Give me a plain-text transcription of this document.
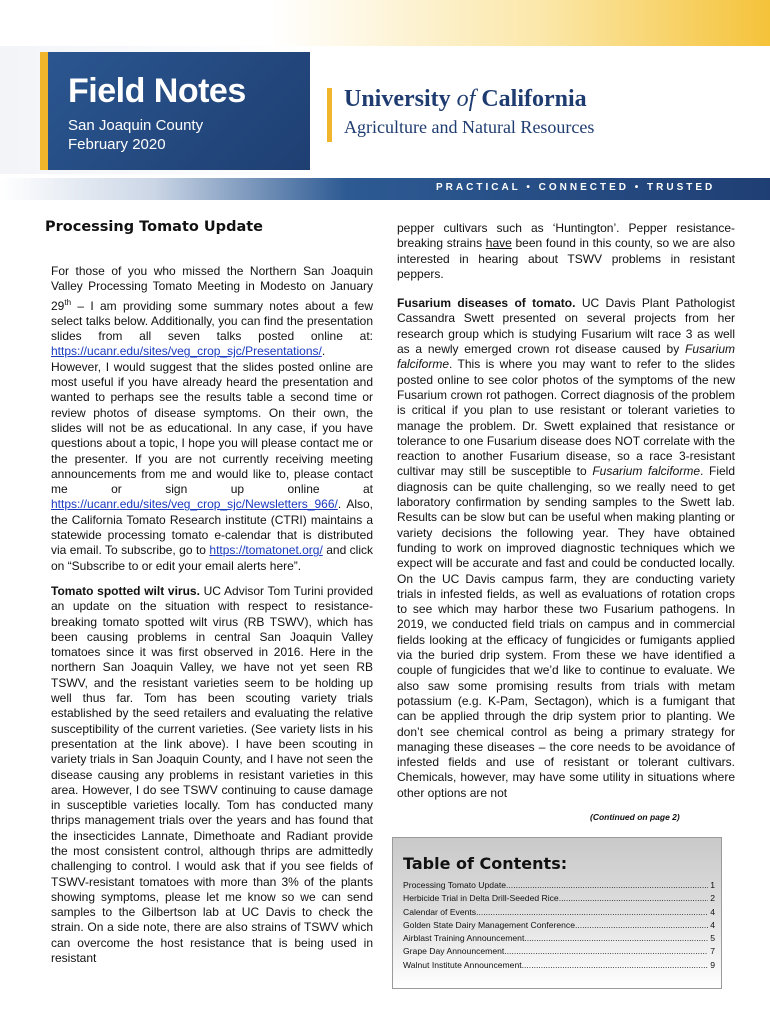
Field Notes
San Joaquin County
February 2020
University of California
Agriculture and Natural Resources
PRACTICAL • CONNECTED • TRUSTED
Processing Tomato Update

For those of you who missed the Northern San Joaquin Valley Processing Tomato Meeting in Modesto on January 29th – I am providing some summary notes about a few select talks below. Additionally, you can find the presentation slides from all seven talks posted online at: https://ucanr.edu/sites/veg_crop_sjc/Presentations/. However, I would suggest that the slides posted online are most useful if you have already heard the presentation and wanted to perhaps see the results table a second time or review photos of disease symptoms. On their own, the slides will not be as educational. In any case, if you have questions about a topic, I hope you will please contact me or the presenter. If you are not currently receiving meeting announcements from me and would like to, please contact me or sign up online at https://ucanr.edu/sites/veg_crop_sjc/Newsletters_966/. Also, the California Tomato Research institute (CTRI) maintains a statewide processing tomato e-calendar that is distributed via email. To subscribe, go to https://tomatonet.org/ and click on “Subscribe to or edit your email alerts here”.

Tomato spotted wilt virus. UC Advisor Tom Turini provided an update on the situation with respect to resistance-breaking tomato spotted wilt virus (RB TSWV), which has been causing problems in central San Joaquin Valley tomatoes since it was first observed in 2016. Here in the northern San Joaquin Valley, we have not yet seen RB TSWV, and the resistant varieties seem to be holding up well thus far. Tom has been scouting variety trials established by the seed retailers and evaluating the relative susceptibility of the current varieties. (See variety lists in his presentation at the link above). I have been scouting in variety trials in San Joaquin County, and I have not seen the disease causing any problems in resistant varieties in this area. However, I do see TSWV continuing to cause damage in susceptible varieties locally. Tom has conducted many thrips management trials over the years and has found that the insecticides Lannate, Dimethoate and Radiant provide the most consistent control, although thrips are admittedly challenging to control. I would ask that if you see fields of TSWV-resistant tomatoes with more than 3% of the plants showing symptoms, please let me know so we can send samples to the Gilbertson lab at UC Davis to check the strain. On a side note, there are also strains of TSWV which can overcome the host resistance that is being used in resistant

pepper cultivars such as ‘Huntington’. Pepper resistance-breaking strains have been found in this county, so we are also interested in hearing about TSWV problems in resistant peppers.

Fusarium diseases of tomato. UC Davis Plant Pathologist Cassandra Swett presented on several projects from her research group which is studying Fusarium wilt race 3 as well as a newly emerged crown rot disease caused by Fusarium falciforme. This is where you may want to refer to the slides posted online to see color photos of the symptoms of the new Fusarium crown rot pathogen. Correct diagnosis of the problem is critical if you plan to use resistant or tolerant varieties to manage the problem. Dr. Swett explained that resistance or tolerance to one Fusarium disease does NOT correlate with the reaction to another Fusarium disease, so a race 3-resistant cultivar may still be susceptible to Fusarium falciforme. Field diagnosis can be quite challenging, so we really need to get laboratory confirmation by sending samples to the Swett lab. Results can be slow but can be useful when making planting or variety decisions the following year. They have obtained funding to work on improved diagnostic techniques which we expect will be accurate and fast and could be conducted locally. On the UC Davis campus farm, they are conducting variety trials in infested fields, as well as evaluations of rotation crops to see which may harbor these two Fusarium pathogens. In 2019, we conducted field trials on campus and in commercial fields looking at the efficacy of fungicides or fumigants applied via the buried drip system. From these we have identified a couple of fungicides that we’d like to continue to evaluate. We also saw some promising results from trials with metam potassium (e.g. K-Pam, Sectagon), which is a fumigant that can be applied through the drip system prior to planting. We don’t see chemical control as being a primary strategy for managing these diseases – the core needs to be avoidance of infested fields and use of resistant or tolerant cultivars. Chemicals, however, may have some utility in situations where other options are not

(Continued on page 2)
Table of Contents:
Processing Tomato Update .....	1
Herbicide Trial in Delta Drill-Seeded Rice .....	2
Calendar of Events .....	4
Golden State Dairy Management Conference .....	4
Airblast Training Announcement .....	5
Grape Day Announcement .....	7
Walnut Institute Announcement .....	9
